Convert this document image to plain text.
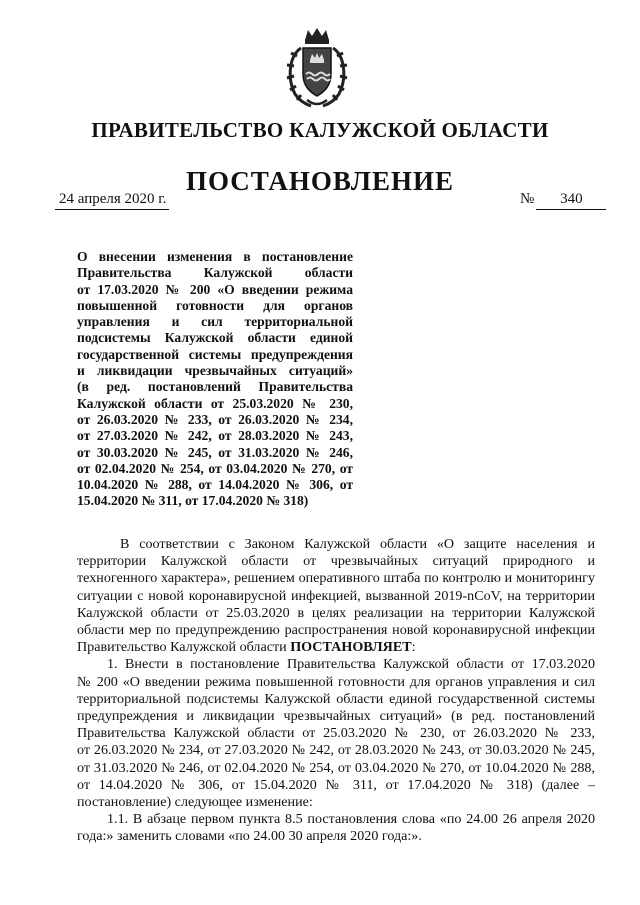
ПРАВИТЕЛЬСТВО КАЛУЖСКОЙ ОБЛАСТИ
ПОСТАНОВЛЕНИЕ
24 апреля 2020 г.	№ 340
О внесении изменения в постановление
Правительства Калужской области
от 17.03.2020 № 200 «О введении режима
повышенной готовности для органов
управления и сил территориальной
подсистемы Калужской области единой
государственной системы предупреждения
и ликвидации чрезвычайных ситуаций»
(в ред. постановлений Правительства
Калужской области от 25.03.2020 № 230,
от 26.03.2020 № 233, от 26.03.2020 № 234,
от 27.03.2020 № 242, от 28.03.2020 № 243,
от 30.03.2020 № 245, от 31.03.2020 № 246,
от 02.04.2020 № 254, от 03.04.2020 № 270, от
10.04.2020 № 288, от 14.04.2020 № 306, от
15.04.2020 № 311, от 17.04.2020 № 318)
В соответствии с Законом Калужской области «О защите населения и
территории Калужской области от чрезвычайных ситуаций природного и
техногенного характера», решением оперативного штаба по контролю и мониторингу
ситуации с новой коронавирусной инфекцией, вызванной 2019-nCoV, на территории
Калужской области от 25.03.2020 в целях реализации на территории Калужской
области мер по предупреждению распространения новой коронавирусной инфекции
Правительство Калужской области ПОСТАНОВЛЯЕТ:
1. Внести в постановление Правительства Калужской области от 17.03.2020
№ 200 «О введении режима повышенной готовности для органов управления и сил
территориальной подсистемы Калужской области единой государственной системы
предупреждения и ликвидации чрезвычайных ситуаций» (в ред. постановлений
Правительства Калужской области от 25.03.2020 № 230, от 26.03.2020 № 233,
от 26.03.2020 № 234, от 27.03.2020 № 242, от 28.03.2020 № 243, от 30.03.2020 № 245,
от 31.03.2020 № 246, от 02.04.2020 № 254, от 03.04.2020 № 270, от 10.04.2020 № 288,
от 14.04.2020 № 306, от 15.04.2020 № 311, от 17.04.2020 № 318) (далее –
постановление) следующее изменение:
1.1. В абзаце первом пункта 8.5 постановления слова «по 24.00 26 апреля 2020
года:» заменить словами «по 24.00 30 апреля 2020 года:».
